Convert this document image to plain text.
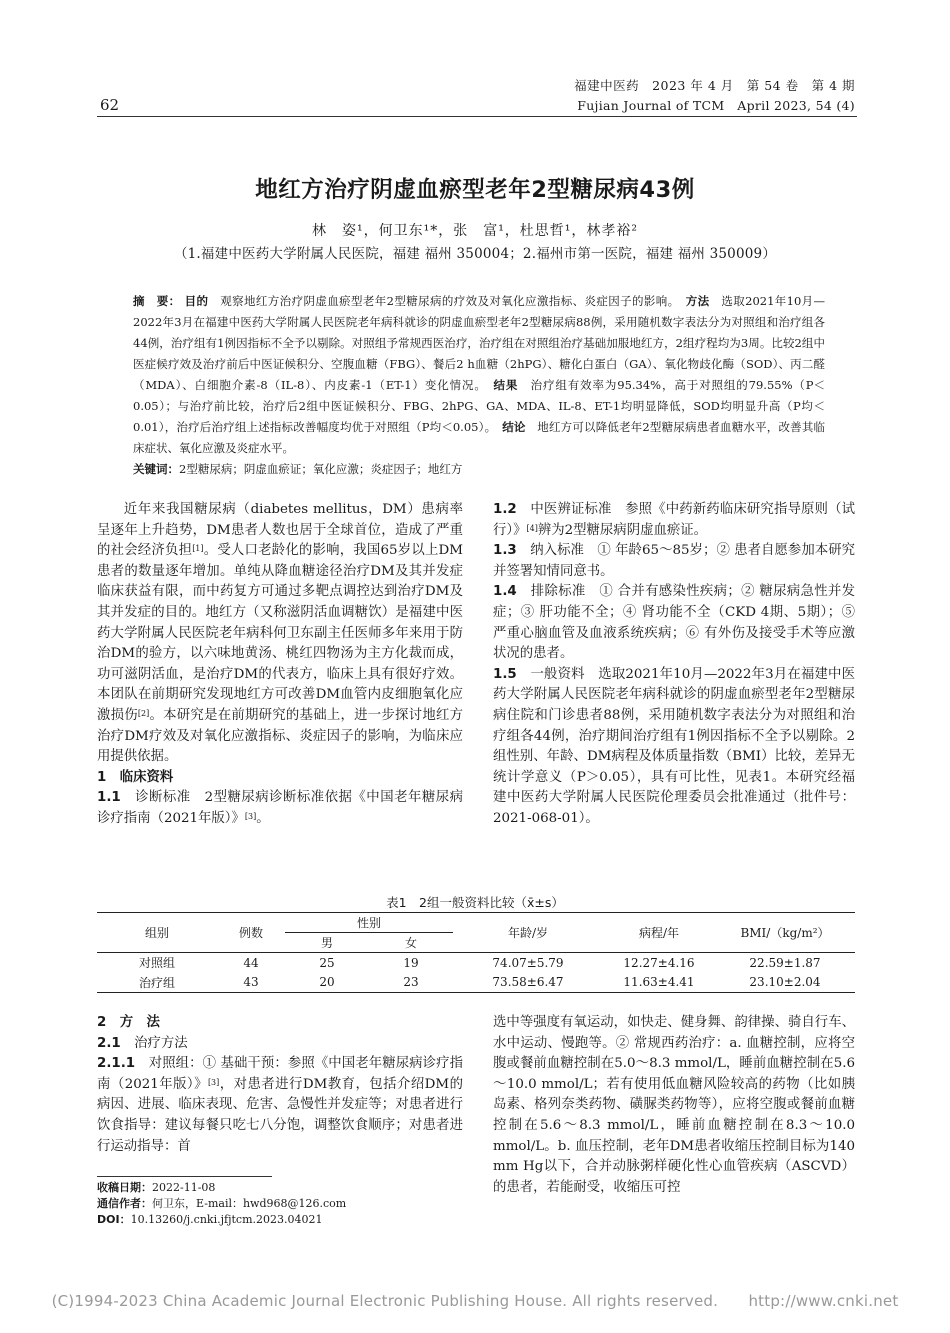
62
福建中医药　2023 年 4 月　第 54 卷　第 4 期
Fujian Journal of TCM　April 2023, 54 (4)
地红方治疗阴虚血瘀型老年2型糖尿病43例
林　姿¹，何卫东¹*，张　富¹，杜思哲¹，林孝裕²
（1.福建中医药大学附属人民医院，福建 福州 350004；2.福州市第一医院，福建 福州 350009）
摘　要： 目的　 观察地红方治疗阴虚血瘀型老年2型糖尿病的疗效及对氧化应激指标、炎症因子的影响。　 方法　 选取2021年10月—2022年3月在福建中医药大学附属人民医院老年病科就诊的阴虚血瘀型老年2型糖尿病88例，采用随机数字表法分为对照组和治疗组各44例，治疗组有1例因指标不全予以剔除。对照组予常规西医治疗，治疗组在对照组治疗基础加服地红方，2组疗程均为3周。比较2组中医症候疗效及治疗前后中医证候积分、空腹血糖（FBG）、餐后2 h血糖（2hPG）、糖化白蛋白（GA）、氧化物歧化酶（SOD）、丙二醛（MDA）、白细胞介素-8（IL-8）、内皮素-1（ET-1）变化情况。　 结果　 治疗组有效率为95.34%，高于对照组的79.55%（P＜0.05）；与治疗前比较，治疗后2组中医证候积分、FBG、2hPG、GA、MDA、IL-8、ET-1均明显降低，SOD均明显升高（P均＜0.01），治疗后治疗组上述指标改善幅度均优于对照组（P均＜0.05）。　 结论　 地红方可以降低老年2型糖尿病患者血糖水平，改善其临床症状、氧化应激及炎症水平。
关键词：2型糖尿病；阴虚血瘀证；氧化应激；炎症因子；地红方

近年来我国糖尿病（diabetes mellitus，DM）患病率呈逐年上升趋势，DM患者人数也居于全球首位，造成了严重的社会经济负担[1]。受人口老龄化的影响，我国65岁以上DM患者的数量逐年增加。单纯从降血糖途径治疗DM及其并发症临床获益有限，而中药复方可通过多靶点调控达到治疗DM及其并发症的目的。地红方（又称滋阴活血调糖饮）是福建中医药大学附属人民医院老年病科何卫东副主任医师多年来用于防治DM的验方，以六味地黄汤、桃红四物汤为主方化裁而成，功可滋阴活血，是治疗DM的代表方，临床上具有很好疗效。本团队在前期研究发现地红方可改善DM血管内皮细胞氧化应激损伤[2]。本研究是在前期研究的基础上，进一步探讨地红方治疗DM疗效及对氧化应激指标、炎症因子的影响，为临床应用提供依据。

1　临床资料

1.1　 诊断标准　 2型糖尿病诊断标准依据《中国老年糖尿病诊疗指南（2021年版）》[3]。

1.2　 中医辨证标准　 参照《中药新药临床研究指导原则（试行）》[4]辨为2型糖尿病阴虚血瘀证。

1.3　 纳入标准　 ① 年龄65～85岁；② 患者自愿参加本研究并签署知情同意书。

1.4　 排除标准　 ① 合并有感染性疾病；② 糖尿病急性并发症；③ 肝功能不全；④ 肾功能不全（CKD 4期、5期）；⑤ 严重心脑血管及血液系统疾病；⑥ 有外伤及接受手术等应激状况的患者。

1.5　 一般资料　 选取2021年10月—2022年3月在福建中医药大学附属人民医院老年病科就诊的阴虚血瘀型老年2型糖尿病住院和门诊患者88例，采用随机数字表法分为对照组和治疗组各44例，治疗期间治疗组有1例因指标不全予以剔除。2组性别、年龄、DM病程及体质量指数（BMI）比较，差异无统计学意义（P＞0.05），具有可比性，见表1。本研究经福建中医药大学附属人民医院伦理委员会批准通过（批件号：2021-068-01）。

表1　2组一般资料比较（x̄±s）
组别	例数	性别		年龄/岁	病程/年	BMI/（kg/m²）
		男	女			
对照组	44	25	19	74.07±5.79	12.27±4.16	22.59±1.87
治疗组	43	20	23	73.58±6.47	11.63±4.41	23.10±2.04

2　方　法

2.1　 治疗方法

2.1.1　 对照组：① 基础干预：参照《中国老年糖尿病诊疗指南（2021年版）》[3]，对患者进行DM教育，包括介绍DM的病因、进展、临床表现、危害、急慢性并发症等；对患者进行饮食指导：建议每餐只吃七八分饱，调整饮食顺序；对患者进行运动指导：首

选中等强度有氧运动，如快走、健身舞、韵律操、骑自行车、水中运动、慢跑等。② 常规西药治疗：a. 血糖控制，应将空腹或餐前血糖控制在5.0～8.3 mmol/L，睡前血糖控制在5.6～10.0 mmol/L；若有使用低血糖风险较高的药物（比如胰岛素、格列奈类药物、磺脲类药物等），应将空腹或餐前血糖控制在5.6～8.3 mmol/L，睡前血糖控制在8.3～10.0 mmol/L。b. 血压控制，老年DM患者收缩压控制目标为140 mm Hg以下，合并动脉粥样硬化性心血管疾病（ASCVD）的患者，若能耐受，收缩压可控

收稿日期：2022-11-08
通信作者：何卫东，E-mail：hwd968@126.com
DOI：10.13260/j.cnki.jfjtcm.2023.04021
(C)1994-2023 China Academic Journal Electronic Publishing House. All rights reserved.　　http://www.cnki.net
